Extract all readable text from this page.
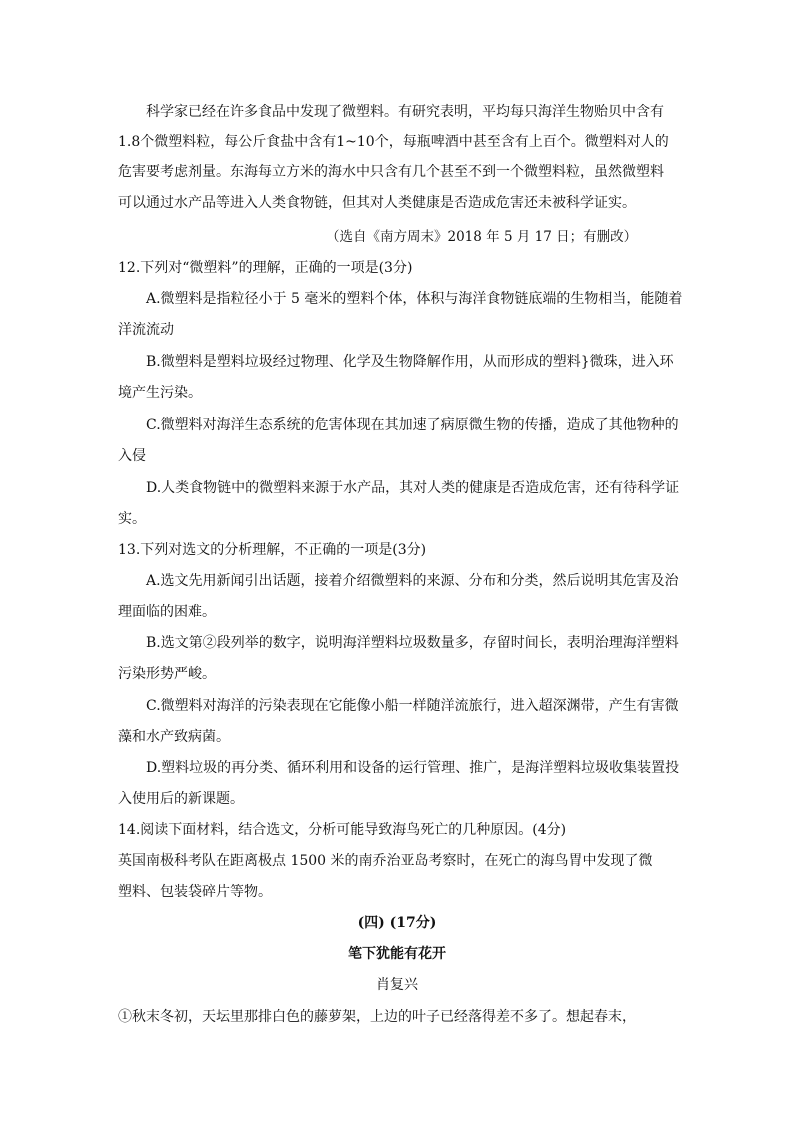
科学家已经在许多食品中发现了微塑料。有研究表明，平均每只海洋生物贻贝中含有
1.8个微塑料粒，每公斤食盐中含有1~10个，每瓶啤酒中甚至含有上百个。微塑料对人的
危害要考虑剂量。东海每立方米的海水中只含有几个甚至不到一个微塑料粒，虽然微塑料
可以通过水产品等进入人类食物链，但其对人类健康是否造成危害还未被科学证实。
（选自《南方周末》2018 年 5 月 17 日；有删改）
12.下列对“微塑料”的理解，正确的一项是(3分)
A.微塑料是指粒径小于 5 毫米的塑料个体，体积与海洋食物链底端的生物相当，能随着
洋流流动
B.微塑料是塑料垃圾经过物理、化学及生物降解作用，从而形成的塑料}微珠，进入环
境产生污染。
C.微塑料对海洋生态系统的危害体现在其加速了病原微生物的传播，造成了其他物种的
入侵
D.人类食物链中的微塑料来源于水产品，其对人类的健康是否造成危害，还有待科学证
实。
13.下列对选文的分析理解，不正确的一项是(3分)
A.选文先用新闻引出话题，接着介绍微塑料的来源、分布和分类，然后说明其危害及治
理面临的困难。
B.选文第②段列举的数字，说明海洋塑料垃圾数量多，存留时间长，表明治理海洋塑料
污染形势严峻。
C.微塑料对海洋的污染表现在它能像小船一样随洋流旅行，进入超深渊带，产生有害微
藻和水产致病菌。
D.塑料垃圾的再分类、循环利用和设备的运行管理、推广，是海洋塑料垃圾收集装置投
入使用后的新课题。
14.阅读下面材料，结合选文，分析可能导致海鸟死亡的几种原因。(4分)
英国南极科考队在距离极点 1500 米的南乔治亚岛考察时，在死亡的海鸟胃中发现了微
塑料、包装袋碎片等物。
(四) (17分)
笔下犹能有花开
肖复兴
①秋末冬初，天坛里那排白色的藤萝架，上边的叶子已经落得差不多了。想起春末，
